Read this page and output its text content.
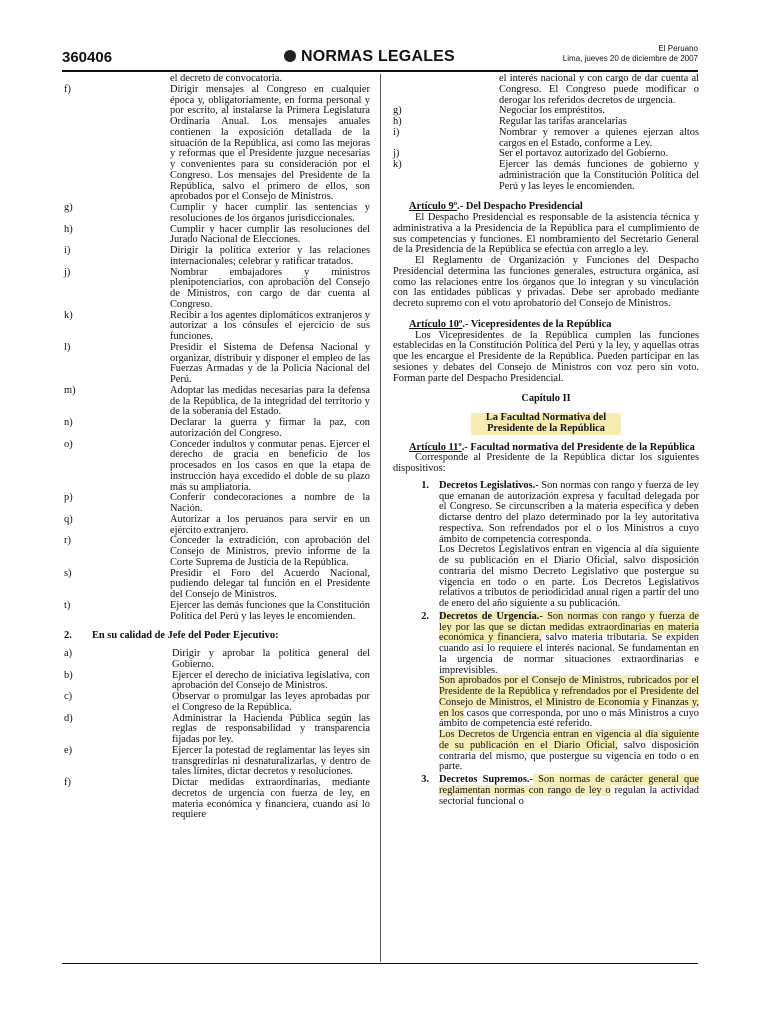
360406	NORMAS LEGALES	El Peruano
Lima, jueves 20 de diciembre de 2007
el decreto de convocatoria.
f)	Dirigir mensajes al Congreso en cualquier época y, obligatoriamente, en forma personal y por escrito, al instalarse la Primera Legislatura Ordinaria Anual. Los mensajes anuales contienen la exposición detallada de la situación de la República, así como las mejoras y reformas que el Presidente juzgue necesarias y convenientes para su consideración por el Congreso. Los mensajes del Presidente de la República, salvo el primero de ellos, son aprobados por el Consejo de Ministros.
g)	Cumplir y hacer cumplir las sentencias y resoluciones de los órganos jurisdiccionales.
h)	Cumplir y hacer cumplir las resoluciones del Jurado Nacional de Elecciones.
i)	Dirigir la política exterior y las relaciones internacionales; celebrar y ratificar tratados.
j)	Nombrar embajadores y ministros plenipotenciarios, con aprobación del Consejo de Ministros, con cargo de dar cuenta al Congreso.
k)	Recibir a los agentes diplomáticos extranjeros y autorizar a los cónsules el ejercicio de sus funciones.
l)	Presidir el Sistema de Defensa Nacional y organizar, distribuir y disponer el empleo de las Fuerzas Armadas y de la Policía Nacional del Perú.
m)	Adoptar las medidas necesarias para la defensa de la República, de la integridad del territorio y de la soberanía del Estado.
n)	Declarar la guerra y firmar la paz, con autorización del Congreso.
o)	Conceder indultos y conmutar penas. Ejercer el derecho de gracia en beneficio de los procesados en los casos en que la etapa de instrucción haya excedido el doble de su plazo más su ampliatoria.
p)	Conferir condecoraciones a nombre de la Nación.
q)	Autorizar a los peruanos para servir en un ejército extranjero.
r)	Conceder la extradición, con aprobación del Consejo de Ministros, previo informe de la Corte Suprema de Justicia de la República.
s)	Presidir el Foro del Acuerdo Nacional, pudiendo delegar tal función en el Presidente del Consejo de Ministros.
t)	Ejercer las demás funciones que la Constitución Política del Perú y las leyes le encomienden.
2.	En su calidad de Jefe del Poder Ejecutivo:
a)	Dirigir y aprobar la política general del Gobierno.
b)	Ejercer el derecho de iniciativa legislativa, con aprobación del Consejo de Ministros.
c)	Observar o promulgar las leyes aprobadas por el Congreso de la República.
d)	Administrar la Hacienda Pública según las reglas de responsabilidad y transparencia fijadas por ley.
e)	Ejercer la potestad de reglamentar las leyes sin transgredirlas ni desnaturalizarlas, y dentro de tales límites, dictar decretos y resoluciones.
f)	Dictar medidas extraordinarias, mediante decretos de urgencia con fuerza de ley, en materia económica y financiera, cuando así lo requiere
el interés nacional y con cargo de dar cuenta al Congreso. El Congreso puede modificar o derogar los referidos decretos de urgencia.
g)	Negociar los empréstitos.
h)	Regular las tarifas arancelarias
i)	Nombrar y remover a quienes ejerzan altos cargos en el Estado, conforme a Ley.
j)	Ser el portavoz autorizado del Gobierno.
k)	Ejercer las demás funciones de gobierno y administración que la Constitución Política del Perú y las leyes le encomienden.
Artículo 9º.- Del Despacho Presidencial
El Despacho Presidencial es responsable de la asistencia técnica y administrativa a la Presidencia de la República para el cumplimiento de sus competencias y funciones. El nombramiento del Secretario General de la Presidencia de la República se efectúa con arreglo a ley.
El Reglamento de Organización y Funciones del Despacho Presidencial determina las funciones generales, estructura orgánica, así como las relaciones entre los órganos que lo integran y su vinculación con las entidades públicas y privadas. Debe ser aprobado mediante decreto supremo con el voto aprobatorio del Consejo de Ministros.
Artículo 10º.- Vicepresidentes de la República
Los Vicepresidentes de la República cumplen las funciones establecidas en la Constitución Política del Perú y la ley, y aquellas otras que les encargue el Presidente de la República. Pueden participar en las sesiones y debates del Consejo de Ministros con voz pero sin voto. Forman parte del Despacho Presidencial.
Capítulo II
La Facultad Normativa del Presidente de la República
Artículo 11º.- Facultad normativa del Presidente de la República
Corresponde al Presidente de la República dictar los siguientes dispositivos:
1. Decretos Legislativos.- Son normas con rango y fuerza de ley que emanan de autorización expresa y facultad delegada por el Congreso. Se circunscriben a la materia específica y deben dictarse dentro del plazo determinado por la ley autoritativa respectiva. Son refrendados por el o los Ministros a cuyo ámbito de competencia corresponda.
Los Decretos Legislativos entran en vigencia al día siguiente de su publicación en el Diario Oficial, salvo disposición contraria del mismo Decreto Legislativo que postergue su vigencia en todo o en parte. Los Decretos Legislativos relativos a tributos de periodicidad anual rigen a partir del uno de enero del año siguiente a su publicación.
2. Decretos de Urgencia.- Son normas con rango y fuerza de ley por las que se dictan medidas extraordinarias en materia económica y financiera, salvo materia tributaria. Se expiden cuando así lo requiere el interés nacional. Se fundamentan en la urgencia de normar situaciones extraordinarias e imprevisibles.
Son aprobados por el Consejo de Ministros, rubricados por el Presidente de la República y refrendados por el Presidente del Consejo de Ministros, el Ministro de Economía y Finanzas y, en los casos que corresponda, por uno o más Ministros a cuyo ámbito de competencia esté referido.
Los Decretos de Urgencia entran en vigencia al día siguiente de su publicación en el Diario Oficial, salvo disposición contraria del mismo, que postergue su vigencia en todo o en parte.
3. Decretos Supremos.- Son normas de carácter general que reglamentan normas con rango de ley o regulan la actividad sectorial funcional o
